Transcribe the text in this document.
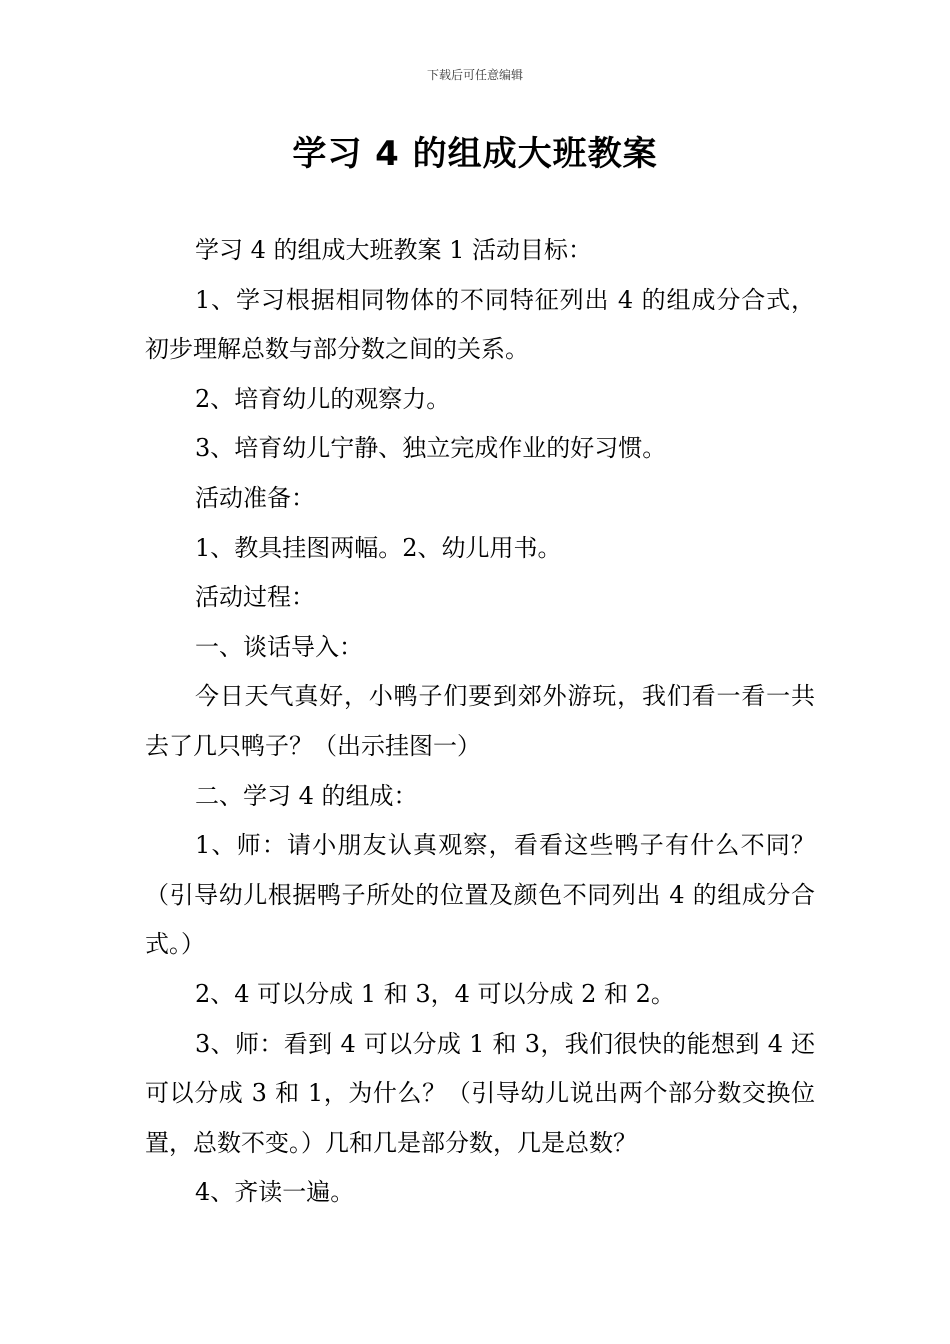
下载后可任意编辑
学习 4 的组成大班教案

学习 4 的组成大班教案 1 活动目标：

1、学习根据相同物体的不同特征列出 4 的组成分合式，初步理解总数与部分数之间的关系。

2、培育幼儿的观察力。

3、培育幼儿宁静、独立完成作业的好习惯。

活动准备：

1、教具挂图两幅。2、幼儿用书。

活动过程：

一、谈话导入：

今日天气真好，小鸭子们要到郊外游玩，我们看一看一共去了几只鸭子？（出示挂图一）

二、学习 4 的组成：

1、师：请小朋友认真观察，看看这些鸭子有什么不同？（引导幼儿根据鸭子所处的位置及颜色不同列出 4 的组成分合式。）

2、4 可以分成 1 和 3，4 可以分成 2 和 2。

3、师：看到 4 可以分成 1 和 3，我们很快的能想到 4 还可以分成 3 和 1，为什么？（引导幼儿说出两个部分数交换位置，总数不变。）几和几是部分数，几是总数？

4、齐读一遍。
